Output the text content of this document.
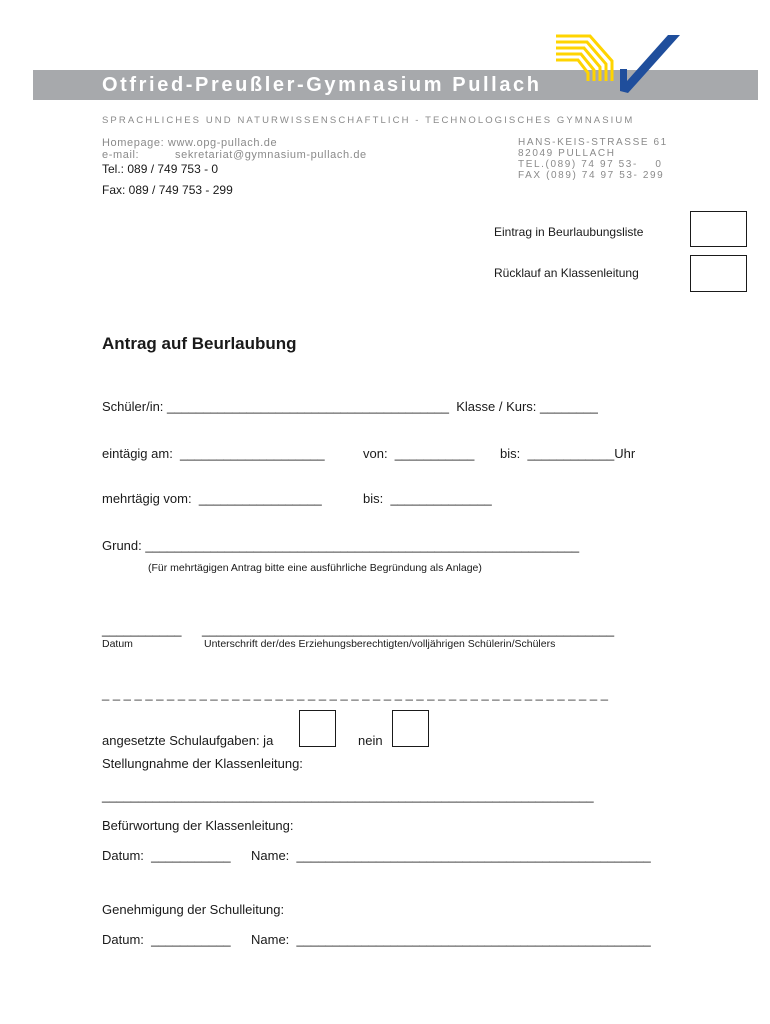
Otfried-Preußler-Gymnasium Pullach
SPRACHLICHES UND NATURWISSENSCHAFTLICH - TECHNOLOGISCHES GYMNASIUM
Homepage: www.opg-pullach.de
e-mail:	sekretariat@gymnasium-pullach.de
Tel.: 089 / 749 753 - 0
Fax: 089 / 749 753 - 299
HANS-KEIS-STRASSE 61
82049 PULLACH
TEL.(089) 74 97 53-    0
FAX (089) 74 97 53- 299
Eintrag in Beurlaubungsliste
Rücklauf an Klassenleitung
Antrag auf Beurlaubung
Schüler/in: _______________________________________  Klasse / Kurs: ________
eintägig am:  ____________________	von:  ___________ bis:  ____________Uhr
mehrtägig vom:  _________________	bis:  ______________
Grund: ____________________________________________________________
(Für mehrtägigen Antrag bitte eine ausführliche Begründung als Anlage)
___________ _________________________________________________________
Datum	Unterschrift der/des Erziehungsberechtigten/volljährigen Schülerin/Schülers
_ _ _ _ _ _ _ _ _ _ _ _ _ _ _ _ _ _ _ _ _ _ _ _ _ _ _ _ _ _ _ _ _ _ _ _ _ _ _ _ _ _ _ _ _ _ _
angesetzte Schulaufgaben: ja	nein
Stellungnahme der Klassenleitung:
____________________________________________________________________
Befürwortung der Klassenleitung:
Datum:  ___________ Name:  _________________________________________________
Genehmigung der Schulleitung:
Datum:  ___________ Name:  _________________________________________________
